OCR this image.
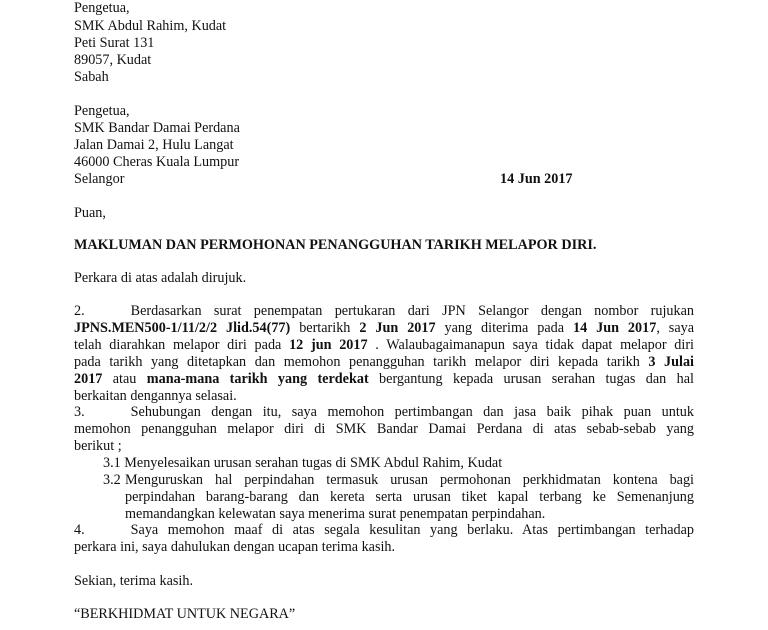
Pengetua,
SMK Abdul Rahim, Kudat
Peti Surat 131
89057, Kudat
Sabah
Pengetua,
SMK Bandar Damai Perdana
Jalan Damai 2, Hulu Langat
46000 Cheras Kuala Lumpur
Selangor	14 Jun 2017
Puan,
MAKLUMAN DAN PERMOHONAN PENANGGUHAN TARIKH MELAPOR DIRI.
Perkara di atas adalah dirujuk.
2.	Berdasarkan surat penempatan pertukaran dari JPN Selangor dengan nombor rujukan
JPNS.MEN500-1/11/2/2 Jlid.54(77) bertarikh 2 Jun 2017 yang diterima pada 14 Jun 2017, saya
telah diarahkan melapor diri pada 12 jun 2017 . Walaubagaimanapun saya tidak dapat melapor diri
pada tarikh yang ditetapkan dan memohon penangguhan tarikh melapor diri kepada tarikh 3 Julai
2017 atau mana-mana tarikh yang terdekat bergantung kepada urusan serahan tugas dan hal
berkaitan dengannya selasai.
3.	Sehubungan dengan itu, saya memohon pertimbangan dan jasa baik pihak puan untuk
memohon penangguhan melapor diri di SMK Bandar Damai Perdana di atas sebab-sebab yang
berikut ;
3.1 Menyelesaikan urusan serahan tugas di SMK Abdul Rahim, Kudat
3.2 Menguruskan hal perpindahan termasuk urusan permohonan perkhidmatan kontena bagi
perpindahan barang-barang dan kereta serta urusan tiket kapal terbang ke Semenanjung
memandangkan kelewatan saya menerima surat penempatan perpindahan.
4.	Saya memohon maaf di atas segala kesulitan yang berlaku. Atas pertimbangan terhadap
perkara ini, saya dahulukan dengan ucapan terima kasih.
Sekian, terima kasih.
“BERKHIDMAT UNTUK NEGARA”
